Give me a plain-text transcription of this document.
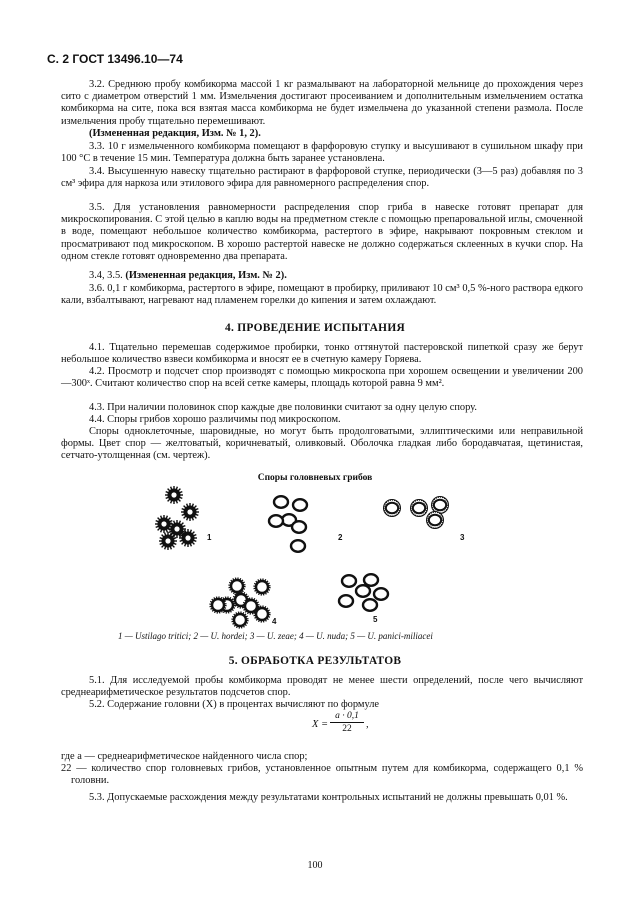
С. 2 ГОСТ 13496.10—74

3.2. Среднюю пробу комбикорма массой 1 кг размалывают на лабораторной мельнице до прохождения через сито с диаметром отверстий 1 мм. Измельчения достигают просеиванием и дополнительным измельчением остатка комбикорма на сите, пока вся взятая масса комбикорма не будет измельчена до указанной степени размола. После измельчения пробу тщательно перемешивают.

(Измененная редакция, Изм. № 1, 2).

3.3. 10 г измельченного комбикорма помещают в фарфоровую ступку и высушивают в сушильном шкафу при 100 °С в течение 15 мин. Температура должна быть заранее установлена.

3.4. Высушенную навеску тщательно растирают в фарфоровой ступке, периодически (3—5 раз) добавляя по 3 см³ эфира для наркоза или этилового эфира для равномерного распределения спор.

3.5. Для установления равномерности распределения спор гриба в навеске готовят препарат для микроскопирования. С этой целью в каплю воды на предметном стекле с помощью препаровальной иглы, смоченной в воде, помещают небольшое количество комбикорма, растертого в эфире, накрывают покровным стеклом и просматривают под микроскопом. В хорошо растертой навеске не должно содержаться склеенных в кучки спор. На одном стекле готовят одновременно два препарата.

3.4, 3.5. (Измененная редакция, Изм. № 2).

3.6. 0,1 г комбикорма, растертого в эфире, помещают в пробирку, приливают 10 см³ 0,5 %-ного раствора едкого кали, взбалтывают, нагревают над пламенем горелки до кипения и затем охлаждают.

4. ПРОВЕДЕНИЕ ИСПЫТАНИЯ

4.1. Тщательно перемешав содержимое пробирки, тонко оттянутой пастеровской пипеткой сразу же берут небольшое количество взвеси комбикорма и вносят ее в счетную камеру Горяева.

4.2. Просмотр и подсчет спор производят с помощью микроскопа при хорошем освещении и увеличении 200—300ˣ. Считают количество спор на всей сетке камеры, площадь которой равна 9 мм².

4.3. При наличии половинок спор каждые две половинки считают за одну целую спору.

4.4. Споры грибов хорошо различимы под микроскопом.

Споры одноклеточные, шаровидные, но могут быть продолговатыми, эллиптическими или неправильной формы. Цвет спор — желтоватый, коричневатый, оливковый. Оболочка гладкая либо бородавчатая, щетинистая, сетчато-утолщенная (см. чертеж).

Споры головневых грибов
1	2	3
4	5
1 — Ustilago tritici; 2 — U. hordei; 3 — U. zeae; 4 — U. nuda; 5 — U. panici-miliacei
5. ОБРАБОТКА РЕЗУЛЬТАТОВ

5.1. Для исследуемой пробы комбикорма проводят не менее шести определений, после чего вычисляют среднеарифметическое результатов подсчетов спор.

5.2. Содержание головни (X) в процентах вычисляют по формуле

$X = \frac{a \cdot 0,1}{22}$ ,
где a — среднеарифметическое найденного числа спор;
22 — количество спор головневых грибов, установленное опытным путем для комбикорма, содержащего 0,1 % головни.

5.3. Допускаемые расхождения между результатами контрольных испытаний не должны превышать 0,01 %.

100
